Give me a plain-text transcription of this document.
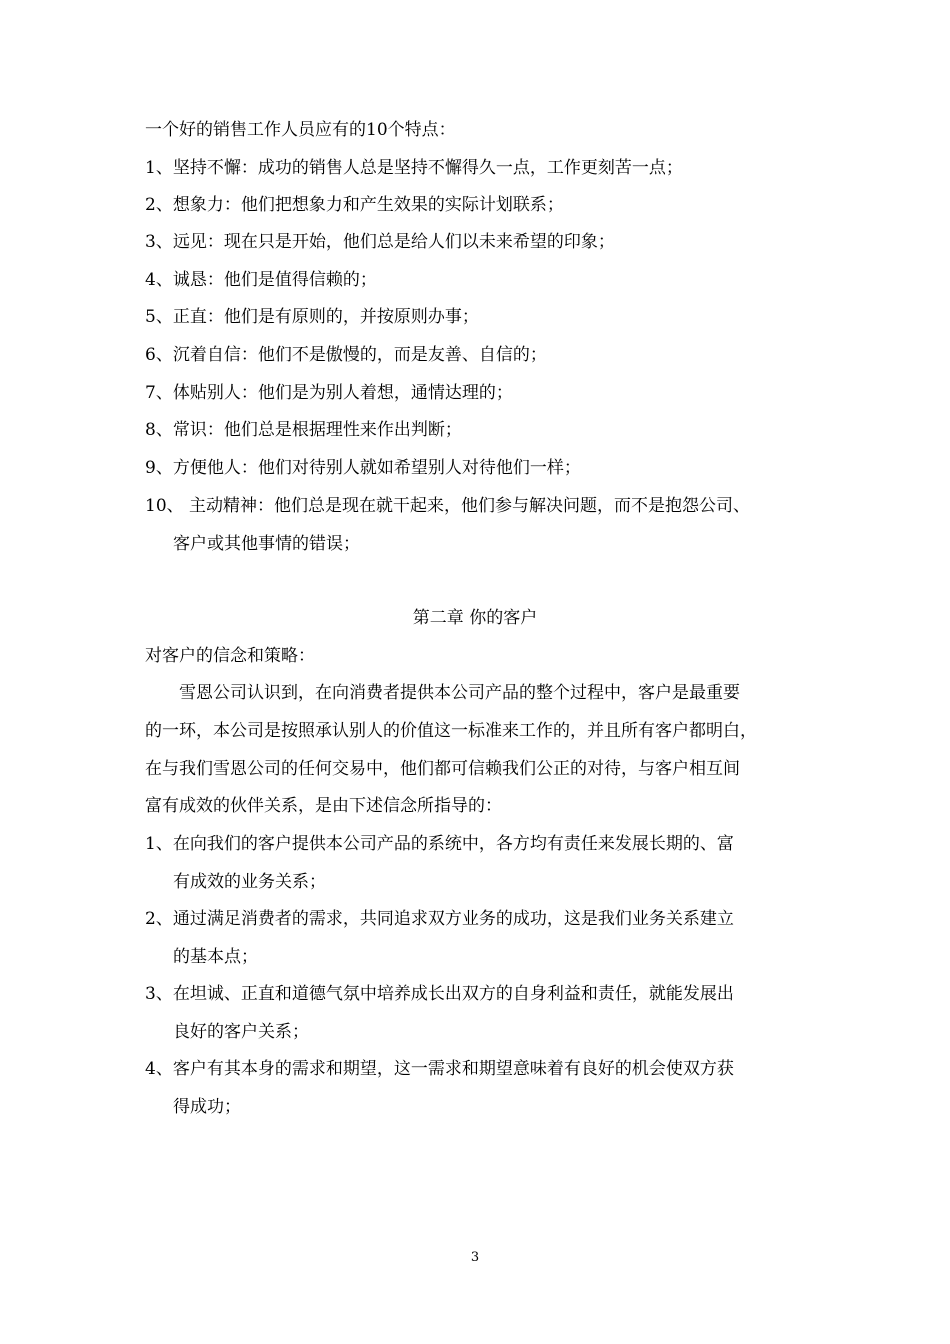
一个好的销售工作人员应有的10个特点：

1、坚持不懈：成功的销售人总是坚持不懈得久一点，工作更刻苦一点；

2、想象力：他们把想象力和产生效果的实际计划联系；

3、远见：现在只是开始，他们总是给人们以未来希望的印象；

4、诚恳：他们是值得信赖的；

5、正直：他们是有原则的，并按原则办事；

6、沉着自信：他们不是傲慢的，而是友善、自信的；

7、体贴别人：他们是为别人着想，通情达理的；

8、常识：他们总是根据理性来作出判断；

9、方便他人：他们对待别人就如希望别人对待他们一样；

10、 主动精神：他们总是现在就干起来，他们参与解决问题，而不是抱怨公司、

客户或其他事情的错误；

第二章 你的客户

对客户的信念和策略：

雪恩公司认识到，在向消费者提供本公司产品的整个过程中，客户是最重要

的一环，本公司是按照承认别人的价值这一标准来工作的，并且所有客户都明白，

在与我们雪恩公司的任何交易中，他们都可信赖我们公正的对待，与客户相互间

富有成效的伙伴关系，是由下述信念所指导的：

1、在向我们的客户提供本公司产品的系统中，各方均有责任来发展长期的、富

有成效的业务关系；

2、通过满足消费者的需求，共同追求双方业务的成功，这是我们业务关系建立

的基本点；

3、在坦诚、正直和道德气氛中培养成长出双方的自身利益和责任，就能发展出

良好的客户关系；

4、客户有其本身的需求和期望，这一需求和期望意味着有良好的机会使双方获

得成功；

3
